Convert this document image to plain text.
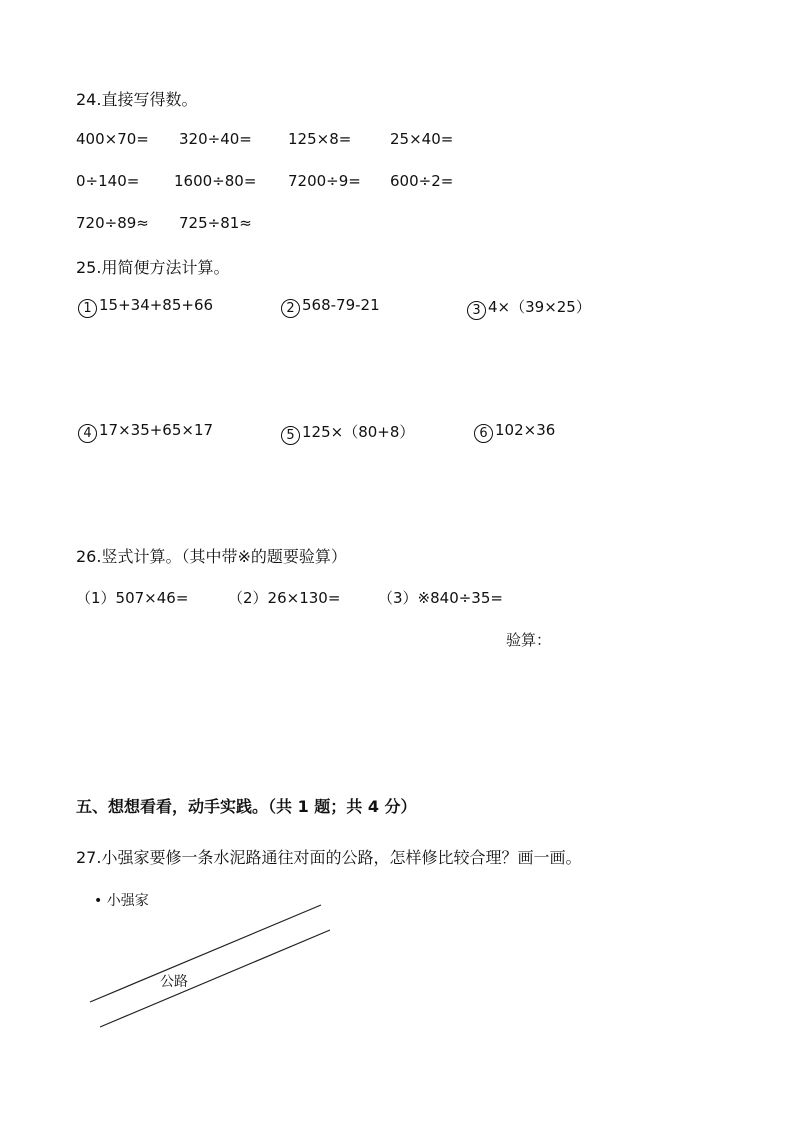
24.直接写得数。
400×70= 320÷40= 125×8=	25×40=
0÷140= 1600÷80= 7200÷9= 600÷2=
720÷89≈ 725÷81≈
25.用简便方法计算。
1 15+34+85+66	2 568-79-21	3 4×（39×25）
4 17×35+65×17	5 125×（80+8）	6 102×36
26.竖式计算。（其中带※的题要验算）
（1）507×46=	（2）26×130=	（3）※840÷35=
验算：
五、想想看看，动手实践。（共 1 题；共 4 分）
27.小强家要修一条水泥路通往对面的公路，怎样修比较合理？画一画。
• 小强家
公路
